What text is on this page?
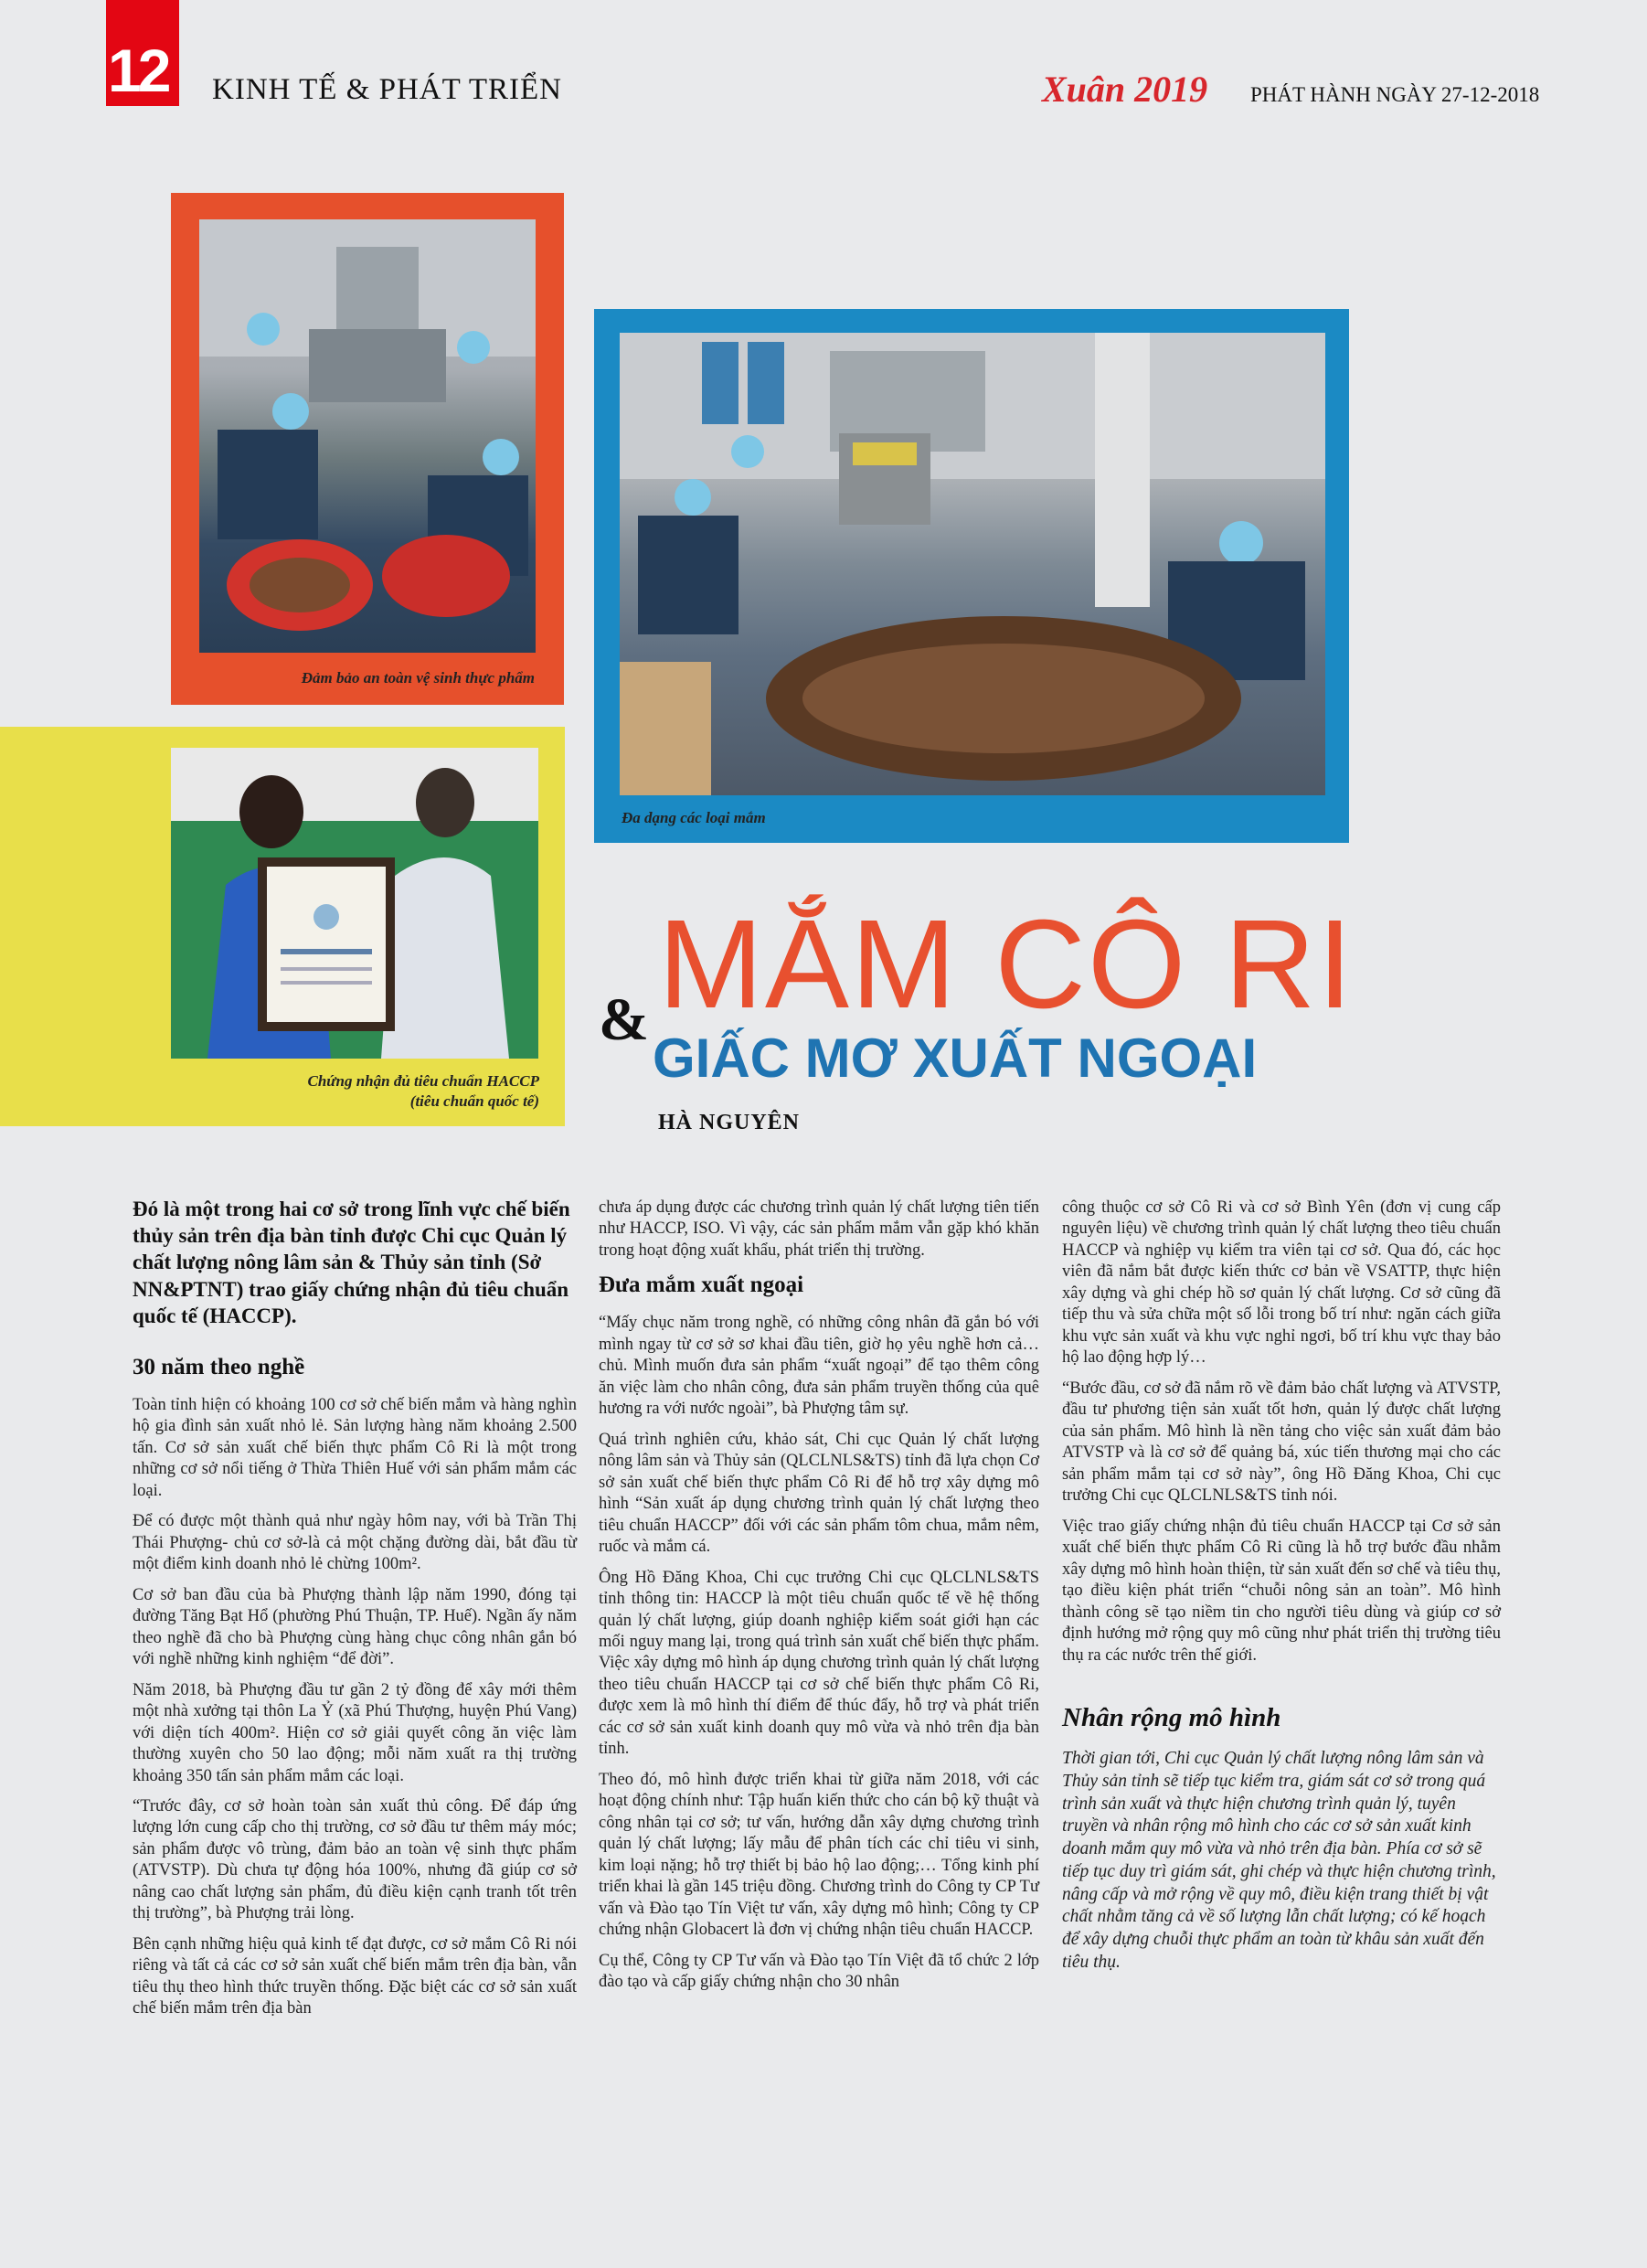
12 KINH TẾ & PHÁT TRIỂN	Xuân 2019 PHÁT HÀNH NGÀY 27-12-2018
Đảm bảo an toàn vệ sinh thực phẩm
Đa dạng các loại mắm
Chứng nhận đủ tiêu chuẩn HACCP
(tiêu chuẩn quốc tế)
& MẮM CÔ RI
GIẤC MƠ XUẤT NGOẠI
HÀ NGUYÊN

Đó là một trong hai cơ sở trong lĩnh vực chế biến thủy sản trên địa bàn tỉnh được Chi cục Quản lý chất lượng nông lâm sản & Thủy sản tỉnh (Sở NN&PTNT) trao giấy chứng nhận đủ tiêu chuẩn quốc tế (HACCP).

30 năm theo nghề

Toàn tỉnh hiện có khoảng 100 cơ sở chế biến mắm và hàng nghìn hộ gia đình sản xuất nhỏ lẻ. Sản lượng hàng năm khoảng 2.500 tấn. Cơ sở sản xuất chế biến thực phẩm Cô Ri là một trong những cơ sở nổi tiếng ở Thừa Thiên Huế với sản phẩm mắm các loại.

Để có được một thành quả như ngày hôm nay, với bà Trần Thị Thái Phượng- chủ cơ sở-là cả một chặng đường dài, bắt đầu từ một điểm kinh doanh nhỏ lẻ chừng 100m².

Cơ sở ban đầu của bà Phượng thành lập năm 1990, đóng tại đường Tăng Bạt Hổ (phường Phú Thuận, TP. Huế). Ngần ấy năm theo nghề đã cho bà Phượng cùng hàng chục công nhân gắn bó với nghề những kinh nghiệm “để đời”.

Năm 2018, bà Phượng đầu tư gần 2 tỷ đồng để xây mới thêm một nhà xưởng tại thôn La Ỷ (xã Phú Thượng, huyện Phú Vang) với diện tích 400m². Hiện cơ sở giải quyết công ăn việc làm thường xuyên cho 50 lao động; mỗi năm xuất ra thị trường khoảng 350 tấn sản phẩm mắm các loại.

“Trước đây, cơ sở hoàn toàn sản xuất thủ công. Để đáp ứng lượng lớn cung cấp cho thị trường, cơ sở đầu tư thêm máy móc; sản phẩm được vô trùng, đảm bảo an toàn vệ sinh thực phẩm (ATVSTP). Dù chưa tự động hóa 100%, nhưng đã giúp cơ sở nâng cao chất lượng sản phẩm, đủ điều kiện cạnh tranh tốt trên thị trường”, bà Phượng trải lòng.

Bên cạnh những hiệu quả kinh tế đạt được, cơ sở mắm Cô Ri nói riêng và tất cả các cơ sở sản xuất chế biến mắm trên địa bàn, vẫn tiêu thụ theo hình thức truyền thống. Đặc biệt các cơ sở sản xuất chế biến mắm trên địa bàn

chưa áp dụng được các chương trình quản lý chất lượng tiên tiến như HACCP, ISO. Vì vậy, các sản phẩm mắm vẫn gặp khó khăn trong hoạt động xuất khẩu, phát triển thị trường.

Đưa mắm xuất ngoại

“Mấy chục năm trong nghề, có những công nhân đã gắn bó với mình ngay từ cơ sở sơ khai đầu tiên, giờ họ yêu nghề hơn cả… chủ. Mình muốn đưa sản phẩm “xuất ngoại” để tạo thêm công ăn việc làm cho nhân công, đưa sản phẩm truyền thống của quê hương ra với nước ngoài”, bà Phượng tâm sự.

Quá trình nghiên cứu, khảo sát, Chi cục Quản lý chất lượng nông lâm sản và Thủy sản (QLCLNLS&TS) tỉnh đã lựa chọn Cơ sở sản xuất chế biến thực phẩm Cô Ri để hỗ trợ xây dựng mô hình “Sản xuất áp dụng chương trình quản lý chất lượng theo tiêu chuẩn HACCP” đối với các sản phẩm tôm chua, mắm nêm, ruốc và mắm cá.

Ông Hồ Đăng Khoa, Chi cục trưởng Chi cục QLCLNLS&TS tỉnh thông tin: HACCP là một tiêu chuẩn quốc tế về hệ thống quản lý chất lượng, giúp doanh nghiệp kiểm soát giới hạn các mối nguy mang lại, trong quá trình sản xuất chế biến thực phẩm. Việc xây dựng mô hình áp dụng chương trình quản lý chất lượng theo tiêu chuẩn HACCP tại cơ sở chế biến thực phẩm Cô Ri, được xem là mô hình thí điểm để thúc đẩy, hỗ trợ và phát triển các cơ sở sản xuất kinh doanh quy mô vừa và nhỏ trên địa bàn tỉnh.

Theo đó, mô hình được triển khai từ giữa năm 2018, với các hoạt động chính như: Tập huấn kiến thức cho cán bộ kỹ thuật và công nhân tại cơ sở; tư vấn, hướng dẫn xây dựng chương trình quản lý chất lượng; lấy mẫu để phân tích các chỉ tiêu vi sinh, kim loại nặng; hỗ trợ thiết bị bảo hộ lao động;… Tổng kinh phí triển khai là gần 145 triệu đồng. Chương trình do Công ty CP Tư vấn và Đào tạo Tín Việt tư vấn, xây dựng mô hình; Công ty CP chứng nhận Globacert là đơn vị chứng nhận tiêu chuẩn HACCP.

Cụ thể, Công ty CP Tư vấn và Đào tạo Tín Việt đã tổ chức 2 lớp đào tạo và cấp giấy chứng nhận cho 30 nhân

công thuộc cơ sở Cô Ri và cơ sở Bình Yên (đơn vị cung cấp nguyên liệu) về chương trình quản lý chất lượng theo tiêu chuẩn HACCP và nghiệp vụ kiểm tra viên tại cơ sở. Qua đó, các học viên đã nắm bắt được kiến thức cơ bản về VSATTP, thực hiện xây dựng và ghi chép hồ sơ quản lý chất lượng. Cơ sở cũng đã tiếp thu và sửa chữa một số lỗi trong bố trí như: ngăn cách giữa khu vực sản xuất và khu vực nghỉ ngơi, bố trí khu vực thay bảo hộ lao động hợp lý…

“Bước đầu, cơ sở đã nắm rõ về đảm bảo chất lượng và ATVSTP, đầu tư phương tiện sản xuất tốt hơn, quản lý được chất lượng của sản phẩm. Mô hình là nền tảng cho việc sản xuất đảm bảo ATVSTP và là cơ sở để quảng bá, xúc tiến thương mại cho các sản phẩm mắm tại cơ sở này”, ông Hồ Đăng Khoa, Chi cục trưởng Chi cục QLCLNLS&TS tỉnh nói.

Việc trao giấy chứng nhận đủ tiêu chuẩn HACCP tại Cơ sở sản xuất chế biến thực phẩm Cô Ri cũng là hỗ trợ bước đầu nhằm xây dựng mô hình hoàn thiện, từ sản xuất đến sơ chế và tiêu thụ, tạo điều kiện phát triển “chuỗi nông sản an toàn”. Mô hình thành công sẽ tạo niềm tin cho người tiêu dùng và giúp cơ sở định hướng mở rộng quy mô cũng như phát triển thị trường tiêu thụ ra các nước trên thế giới.

Nhân rộng mô hình

Thời gian tới, Chi cục Quản lý chất lượng nông lâm sản và Thủy sản tỉnh sẽ tiếp tục kiểm tra, giám sát cơ sở trong quá trình sản xuất và thực hiện chương trình quản lý, tuyên truyền và nhân rộng mô hình cho các cơ sở sản xuất kinh doanh mắm quy mô vừa và nhỏ trên địa bàn. Phía cơ sở sẽ tiếp tục duy trì giám sát, ghi chép và thực hiện chương trình, nâng cấp và mở rộng về quy mô, điều kiện trang thiết bị vật chất nhằm tăng cả về số lượng lẫn chất lượng; có kế hoạch để xây dựng chuỗi thực phẩm an toàn từ khâu sản xuất đến tiêu thụ.
